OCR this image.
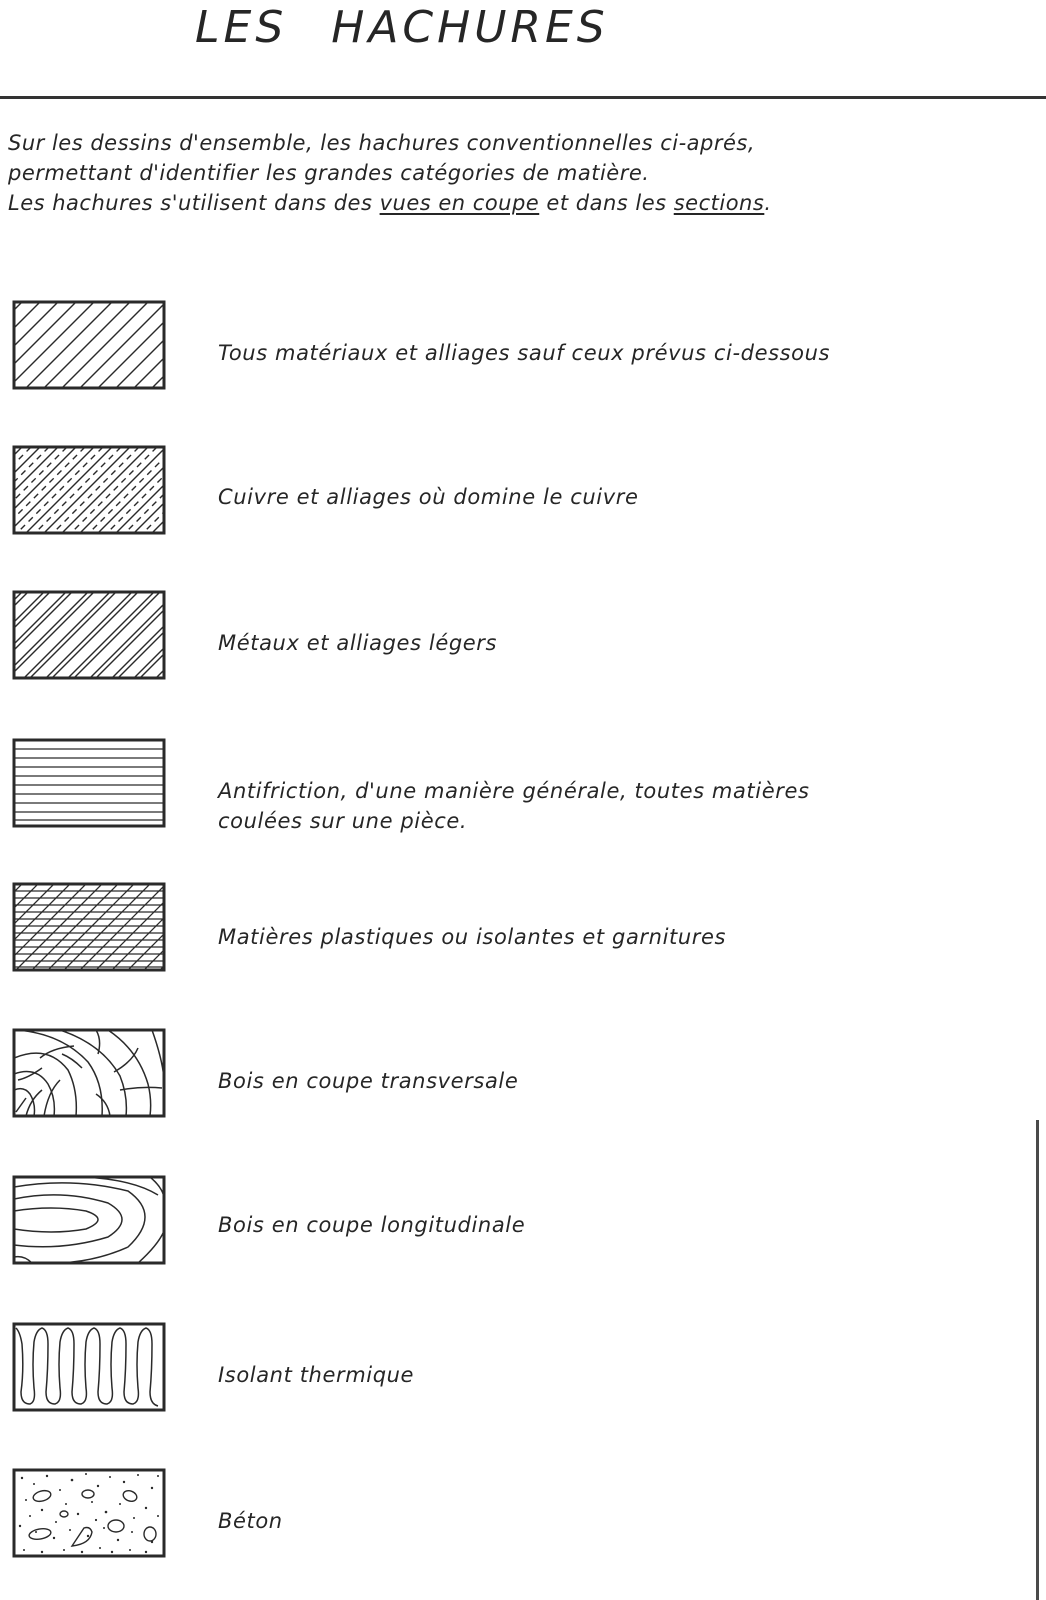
LES HACHURES

Sur les dessins d'ensemble, les hachures conventionnelles ci-aprés,

permettant d'identifier les grandes catégories de matière.

Les hachures s'utilisent dans des vues en coupe et dans les sections.

Tous matériaux et alliages sauf ceux prévus ci-dessous
Cuivre et alliages où domine le cuivre
Métaux et alliages légers
Antifriction, d'une manière générale, toutes matières
coulées sur une pièce.
Matières plastiques ou isolantes et garnitures
Bois en coupe transversale
Bois en coupe longitudinale
Isolant thermique
Béton
